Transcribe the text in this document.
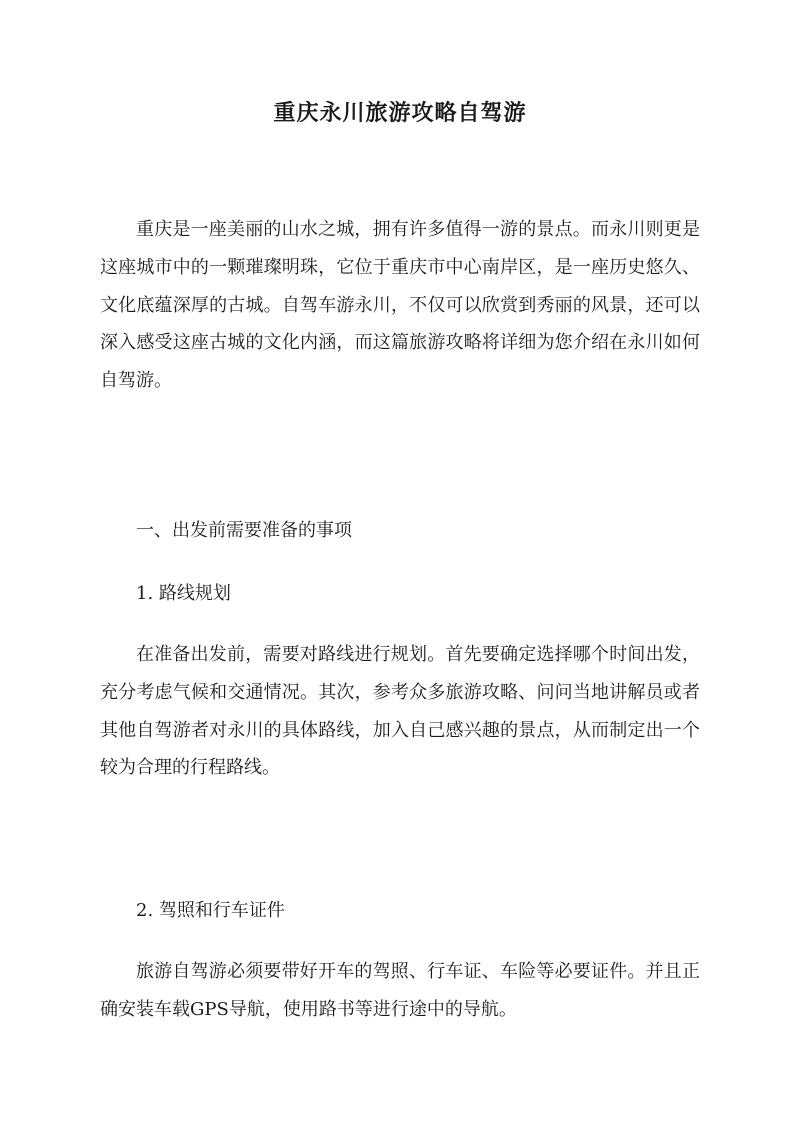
重庆永川旅游攻略自驾游

重庆是一座美丽的山水之城，拥有许多值得一游的景点。而永川则更是这座城市中的一颗璀璨明珠，它位于重庆市中心南岸区，是一座历史悠久、文化底蕴深厚的古城。自驾车游永川，不仅可以欣赏到秀丽的风景，还可以深入感受这座古城的文化内涵，而这篇旅游攻略将详细为您介绍在永川如何自驾游。

一、出发前需要准备的事项

1. 路线规划

在准备出发前，需要对路线进行规划。首先要确定选择哪个时间出发，充分考虑气候和交通情况。其次，参考众多旅游攻略、问问当地讲解员或者其他自驾游者对永川的具体路线，加入自己感兴趣的景点，从而制定出一个较为合理的行程路线。

2. 驾照和行车证件

旅游自驾游必须要带好开车的驾照、行车证、车险等必要证件。并且正确安装车载GPS导航，使用路书等进行途中的导航。
